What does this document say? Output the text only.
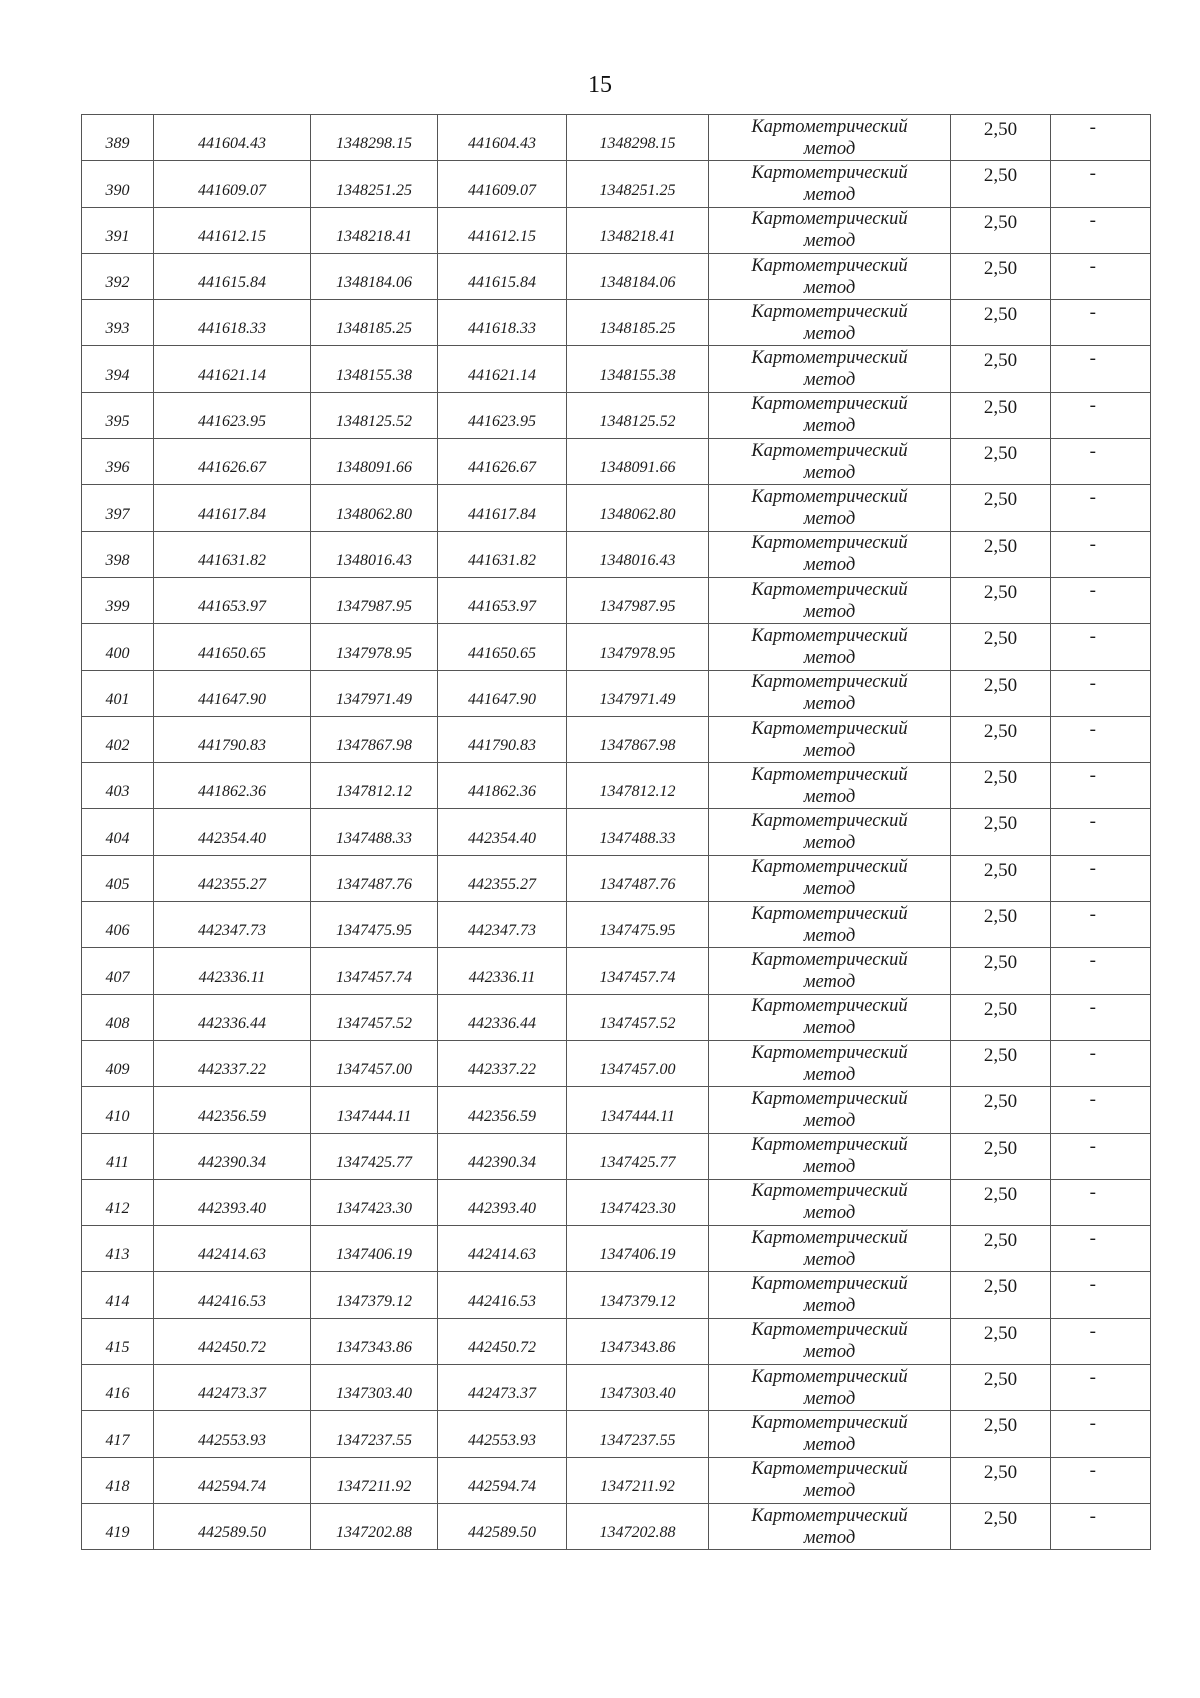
15
389	441604.43	1348298.15	441604.43	1348298.15	Картометрический
метод	2,50	-

390	441609.07	1348251.25	441609.07	1348251.25	Картометрический
метод	2,50	-

391	441612.15	1348218.41	441612.15	1348218.41	Картометрический
метод	2,50	-

392	441615.84	1348184.06	441615.84	1348184.06	Картометрический
метод	2,50	-

393	441618.33	1348185.25	441618.33	1348185.25	Картометрический
метод	2,50	-

394	441621.14	1348155.38	441621.14	1348155.38	Картометрический
метод	2,50	-

395	441623.95	1348125.52	441623.95	1348125.52	Картометрический
метод	2,50	-

396	441626.67	1348091.66	441626.67	1348091.66	Картометрический
метод	2,50	-

397	441617.84	1348062.80	441617.84	1348062.80	Картометрический
метод	2,50	-

398	441631.82	1348016.43	441631.82	1348016.43	Картометрический
метод	2,50	-

399	441653.97	1347987.95	441653.97	1347987.95	Картометрический
метод	2,50	-

400	441650.65	1347978.95	441650.65	1347978.95	Картометрический
метод	2,50	-

401	441647.90	1347971.49	441647.90	1347971.49	Картометрический
метод	2,50	-

402	441790.83	1347867.98	441790.83	1347867.98	Картометрический
метод	2,50	-

403	441862.36	1347812.12	441862.36	1347812.12	Картометрический
метод	2,50	-

404	442354.40	1347488.33	442354.40	1347488.33	Картометрический
метод	2,50	-

405	442355.27	1347487.76	442355.27	1347487.76	Картометрический
метод	2,50	-

406	442347.73	1347475.95	442347.73	1347475.95	Картометрический
метод	2,50	-

407	442336.11	1347457.74	442336.11	1347457.74	Картометрический
метод	2,50	-

408	442336.44	1347457.52	442336.44	1347457.52	Картометрический
метод	2,50	-

409	442337.22	1347457.00	442337.22	1347457.00	Картометрический
метод	2,50	-

410	442356.59	1347444.11	442356.59	1347444.11	Картометрический
метод	2,50	-

411	442390.34	1347425.77	442390.34	1347425.77	Картометрический
метод	2,50	-

412	442393.40	1347423.30	442393.40	1347423.30	Картометрический
метод	2,50	-

413	442414.63	1347406.19	442414.63	1347406.19	Картометрический
метод	2,50	-

414	442416.53	1347379.12	442416.53	1347379.12	Картометрический
метод	2,50	-

415	442450.72	1347343.86	442450.72	1347343.86	Картометрический
метод	2,50	-

416	442473.37	1347303.40	442473.37	1347303.40	Картометрический
метод	2,50	-

417	442553.93	1347237.55	442553.93	1347237.55	Картометрический
метод	2,50	-

418	442594.74	1347211.92	442594.74	1347211.92	Картометрический
метод	2,50	-

419	442589.50	1347202.88	442589.50	1347202.88	Картометрический
метод	2,50	-
